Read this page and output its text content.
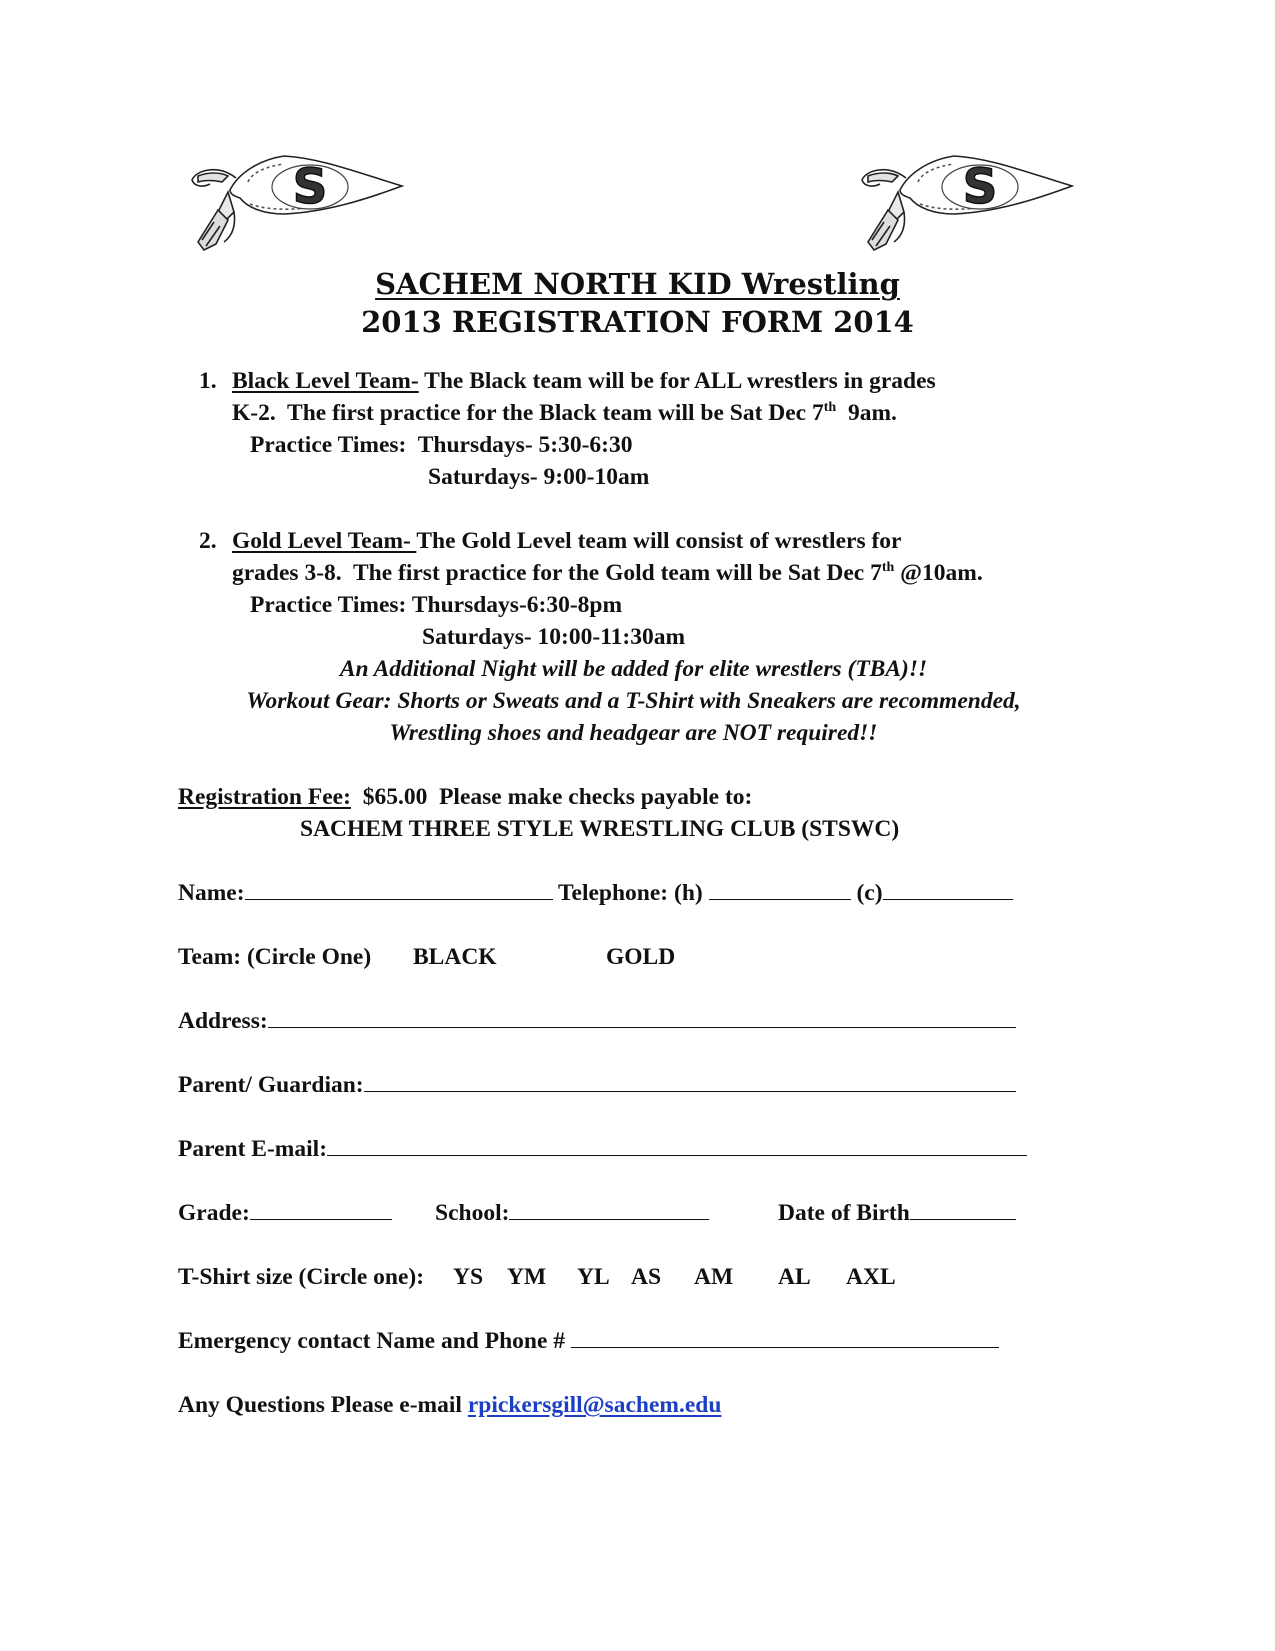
S	S
SACHEM NORTH KID Wrestling
2013 REGISTRATION FORM 2014
1. Black Level Team- The Black team will be for ALL wrestlers in grades
K-2.  The first practice for the Black team will be Sat Dec 7th  9am.
Practice Times:  Thursdays- 5:30-6:30
Saturdays- 9:00-10am
2. Gold Level Team- The Gold Level team will consist of wrestlers for
grades 3-8.  The first practice for the Gold team will be Sat Dec 7th @10am.
Practice Times: Thursdays-6:30-8pm
Saturdays- 10:00-11:30am
An Additional Night will be added for elite wrestlers (TBA)!!
Workout Gear: Shorts or Sweats and a T-Shirt with Sneakers are recommended,
Wrestling shoes and headgear are NOT required!!
Registration Fee:  $65.00  Please make checks payable to:
SACHEM THREE STYLE WRESTLING CLUB (STSWC)
Name:	Telephone: (h)	(c)
Team: (Circle One) BLACK	GOLD
Address:
Parent/ Guardian:
Parent E-mail:
Grade:	School:	Date of Birth
T-Shirt size (Circle one): YS YM YL AS AM AL AXL
Emergency contact Name and Phone #
Any Questions Please e-mail rpickersgill@sachem.edu
